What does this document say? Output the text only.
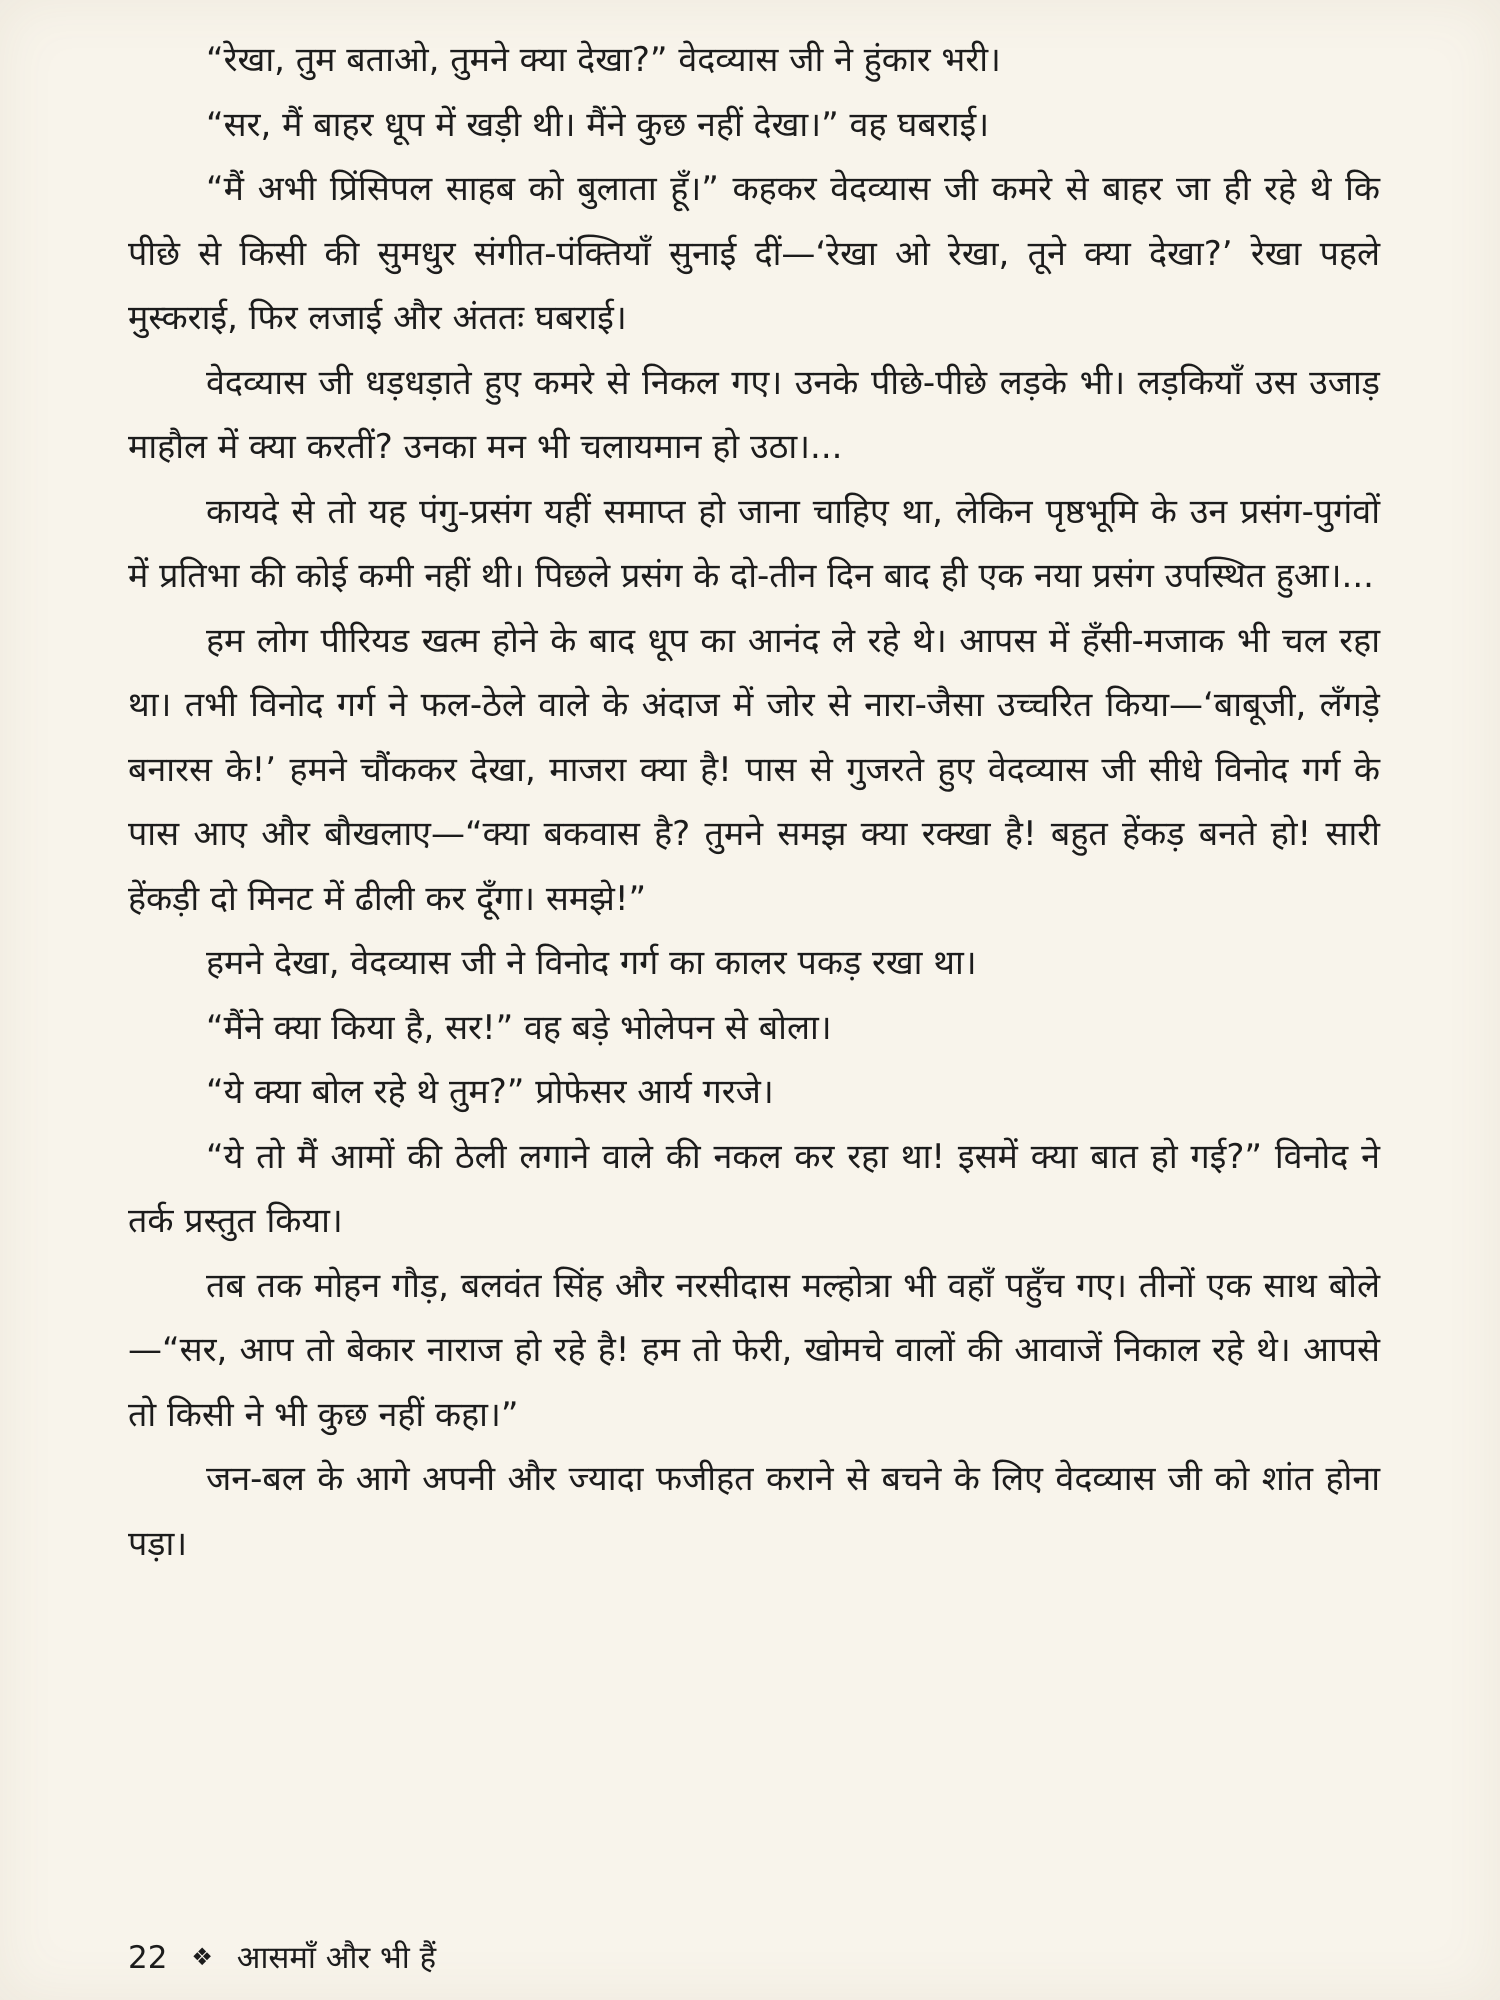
“रेखा, तुम बताओ, तुमने क्या देखा?” वेदव्यास जी ने हुंकार भरी।

“सर, मैं बाहर धूप में खड़ी थी। मैंने कुछ नहीं देखा।” वह घबराई।

“मैं अभी प्रिंसिपल साहब को बुलाता हूँ।” कहकर वेदव्यास जी कमरे से बाहर जा ही रहे थे कि पीछे से किसी की सुमधुर संगीत-पंक्तियाँ सुनाई दीं—‘रेखा ओ रेखा, तूने क्या देखा?’ रेखा पहले मुस्कराई, फिर लजाई और अंततः घबराई।

वेदव्यास जी धड़धड़ाते हुए कमरे से निकल गए। उनके पीछे-पीछे लड़के भी। लड़कियाँ उस उजाड़ माहौल में क्या करतीं? उनका मन भी चलायमान हो उठा।...

कायदे से तो यह पंगु-प्रसंग यहीं समाप्त हो जाना चाहिए था, लेकिन पृष्ठभूमि के उन प्रसंग-पुगंवों में प्रतिभा की कोई कमी नहीं थी। पिछले प्रसंग के दो-तीन दिन बाद ही एक नया प्रसंग उपस्थित हुआ।...

हम लोग पीरियड खत्म होने के बाद धूप का आनंद ले रहे थे। आपस में हँसी-मजाक भी चल रहा था। तभी विनोद गर्ग ने फल-ठेले वाले के अंदाज में जोर से नारा-जैसा उच्चरित किया—‘बाबूजी, लँगड़े बनारस के!’ हमने चौंककर देखा, माजरा क्या है! पास से गुजरते हुए वेदव्यास जी सीधे विनोद गर्ग के पास आए और बौखलाए—“क्या बकवास है? तुमने समझ क्या रक्खा है! बहुत हेंकड़ बनते हो! सारी हेंकड़ी दो मिनट में ढीली कर दूँगा। समझे!”

हमने देखा, वेदव्यास जी ने विनोद गर्ग का कालर पकड़ रखा था।

“मैंने क्या किया है, सर!” वह बड़े भोलेपन से बोला।

“ये क्या बोल रहे थे तुम?” प्रोफेसर आर्य गरजे।

“ये तो मैं आमों की ठेली लगाने वाले की नकल कर रहा था! इसमें क्या बात हो गई?” विनोद ने तर्क प्रस्तुत किया।

तब तक मोहन गौड़, बलवंत सिंह और नरसीदास मल्होत्रा भी वहाँ पहुँच गए। तीनों एक साथ बोले—“सर, आप तो बेकार नाराज हो रहे है! हम तो फेरी, खोमचे वालों की आवाजें निकाल रहे थे। आपसे तो किसी ने भी कुछ नहीं कहा।”

जन-बल के आगे अपनी और ज्यादा फजीहत कराने से बचने के लिए वेदव्यास जी को शांत होना पड़ा।

22 ❖ आसमाँ और भी हैं
